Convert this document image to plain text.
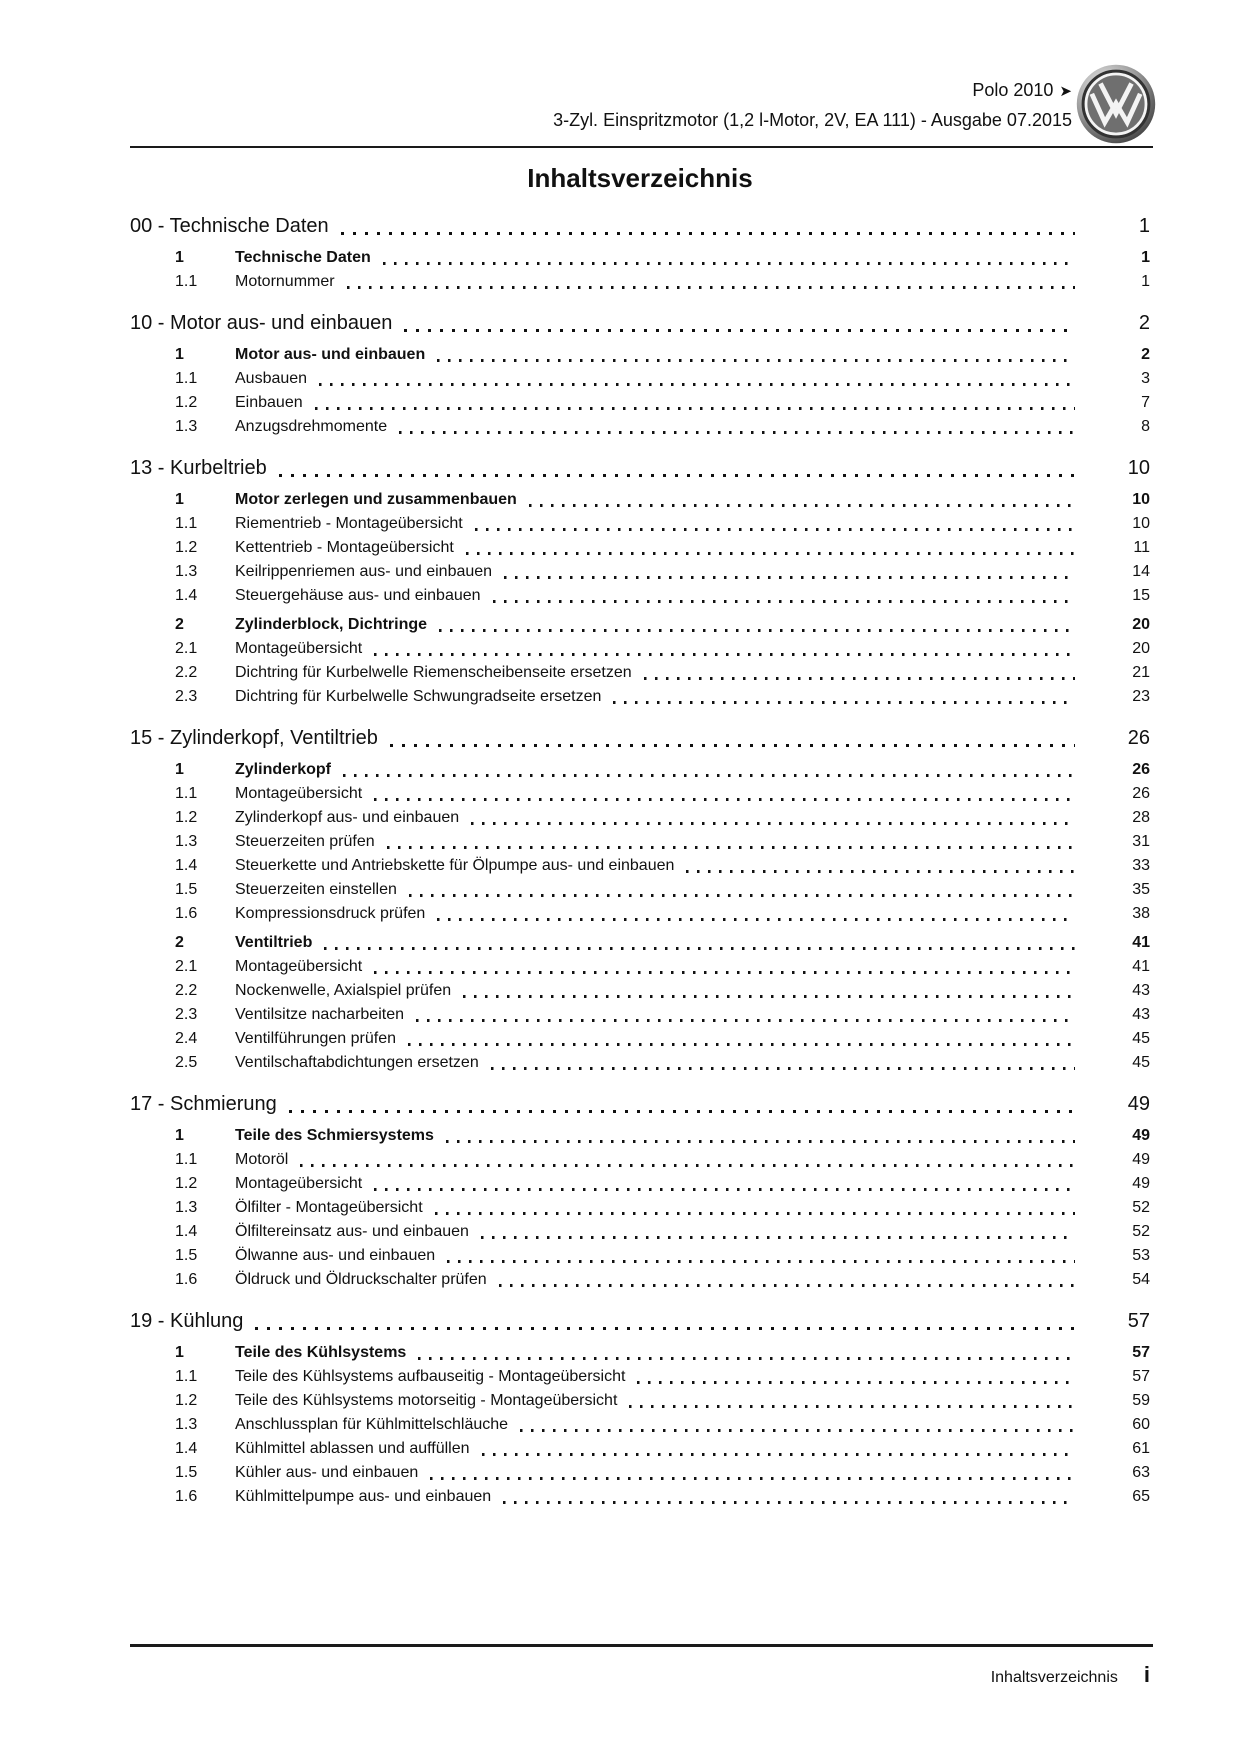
Polo 2010 ➤
3-Zyl. Einspritzmotor (1,2 l-Motor, 2V, EA 111) - Ausgabe 07.2015
Inhaltsverzeichnis
00 - Technische Daten	1
1	Technische Daten	1
1.1	Motornummer	1
10 - Motor aus- und einbauen	2
1	Motor aus- und einbauen	2
1.1	Ausbauen	3
1.2	Einbauen	7
1.3	Anzugsdrehmomente	8
13 - Kurbeltrieb	10
1	Motor zerlegen und zusammenbauen	10
1.1	Riementrieb - Montageübersicht	10
1.2	Kettentrieb - Montageübersicht	11
1.3	Keilrippenriemen aus- und einbauen	14
1.4	Steuergehäuse aus- und einbauen	15
2	Zylinderblock, Dichtringe	20
2.1	Montageübersicht	20
2.2	Dichtring für Kurbelwelle Riemenscheibenseite ersetzen	21
2.3	Dichtring für Kurbelwelle Schwungradseite ersetzen	23
15 - Zylinderkopf, Ventiltrieb	26
1	Zylinderkopf	26
1.1	Montageübersicht	26
1.2	Zylinderkopf aus- und einbauen	28
1.3	Steuerzeiten prüfen	31
1.4	Steuerkette und Antriebskette für Ölpumpe aus- und einbauen	33
1.5	Steuerzeiten einstellen	35
1.6	Kompressionsdruck prüfen	38
2	Ventiltrieb	41
2.1	Montageübersicht	41
2.2	Nockenwelle, Axialspiel prüfen	43
2.3	Ventilsitze nacharbeiten	43
2.4	Ventilführungen prüfen	45
2.5	Ventilschaftabdichtungen ersetzen	45
17 - Schmierung	49
1	Teile des Schmiersystems	49
1.1	Motoröl	49
1.2	Montageübersicht	49
1.3	Ölfilter - Montageübersicht	52
1.4	Ölfiltereinsatz aus- und einbauen	52
1.5	Ölwanne aus- und einbauen	53
1.6	Öldruck und Öldruckschalter prüfen	54
19 - Kühlung	57
1	Teile des Kühlsystems	57
1.1	Teile des Kühlsystems aufbauseitig - Montageübersicht	57
1.2	Teile des Kühlsystems motorseitig - Montageübersicht	59
1.3	Anschlussplan für Kühlmittelschläuche	60
1.4	Kühlmittel ablassen und auffüllen	61
1.5	Kühler aus- und einbauen	63
1.6	Kühlmittelpumpe aus- und einbauen	65
Inhaltsverzeichnis i
